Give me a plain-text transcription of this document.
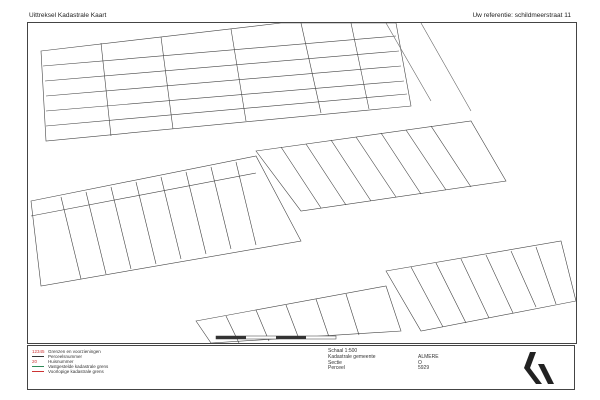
Uittreksel Kadastrale Kaart	Uw referentie: schildmeerstraat 11
12345 Grenzen en voorzieningen
Perceelsnummer
20 Huisnummer
Vastgestelde kadastrale grens
Voorlopige kadastrale grens
Schaal 1:500
Kadastrale gemeente	ALMERE
Sectie	O
Perceel	5929
